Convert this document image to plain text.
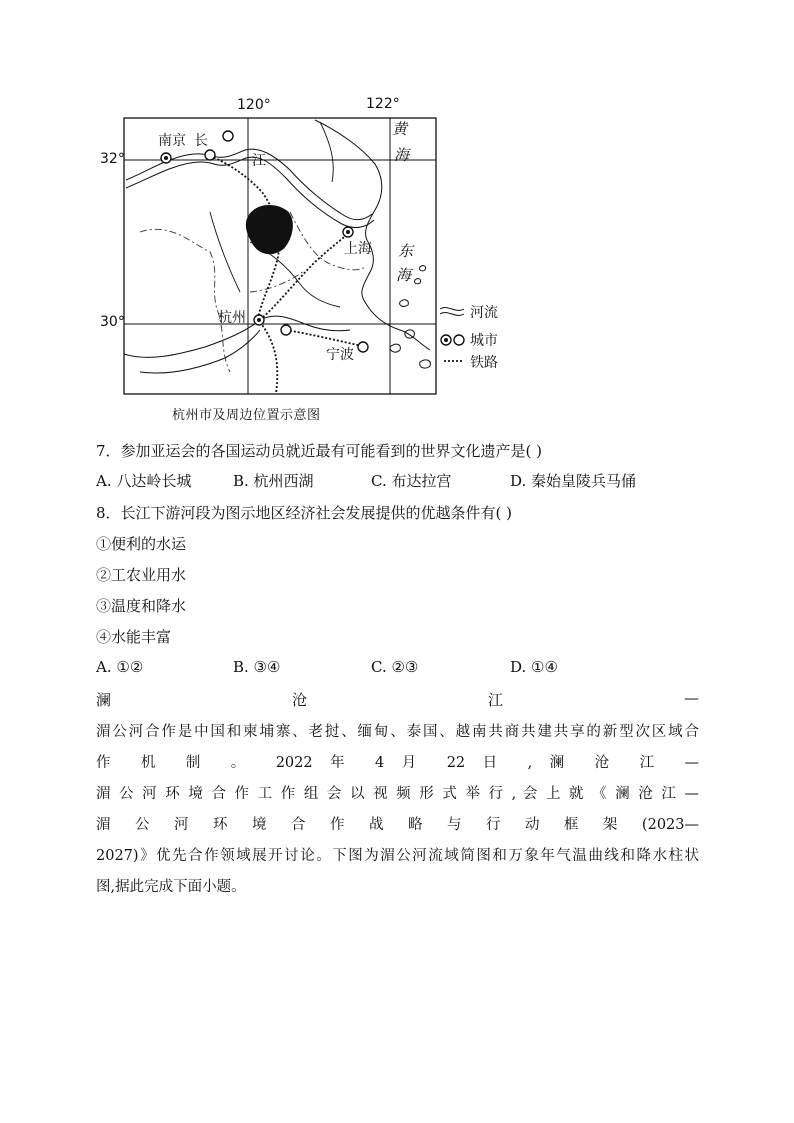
120°	122°
32°
30°
南京 长
江
黄
海
东
海
上海
杭州
宁波
河流
城市
铁路
杭州市及周边位置示意图
7．参加亚运会的各国运动员就近最有可能看到的世界文化遗产是( )
A. 八达岭长城	B. 杭州西湖	C. 布达拉宫	D. 秦始皇陵兵马俑
8．长江下游河段为图示地区经济社会发展提供的优越条件有( )
①便利的水运
②工农业用水
③温度和降水
④水能丰富
A. ①②	B. ③④	C. ②③	D. ①④
澜	沧	江	—
湄公河合作是中国和柬埔寨、老挝、缅甸、泰国、越南共商共建共享的新型次区域合
作 机 制 。 2022 年 4 月 22 日 , 澜 沧 江 —
湄 公 河 环 境 合 作 工 作 组 会 以 视 频 形 式 举 行 , 会 上 就 《 澜 沧 江 —
湄 公 河 环 境 合 作 战 略 与 行 动 框 架 (2023—
2027)》优先合作领域展开讨论。下图为湄公河流域简图和万象年气温曲线和降水柱状
图,据此完成下面小题。
